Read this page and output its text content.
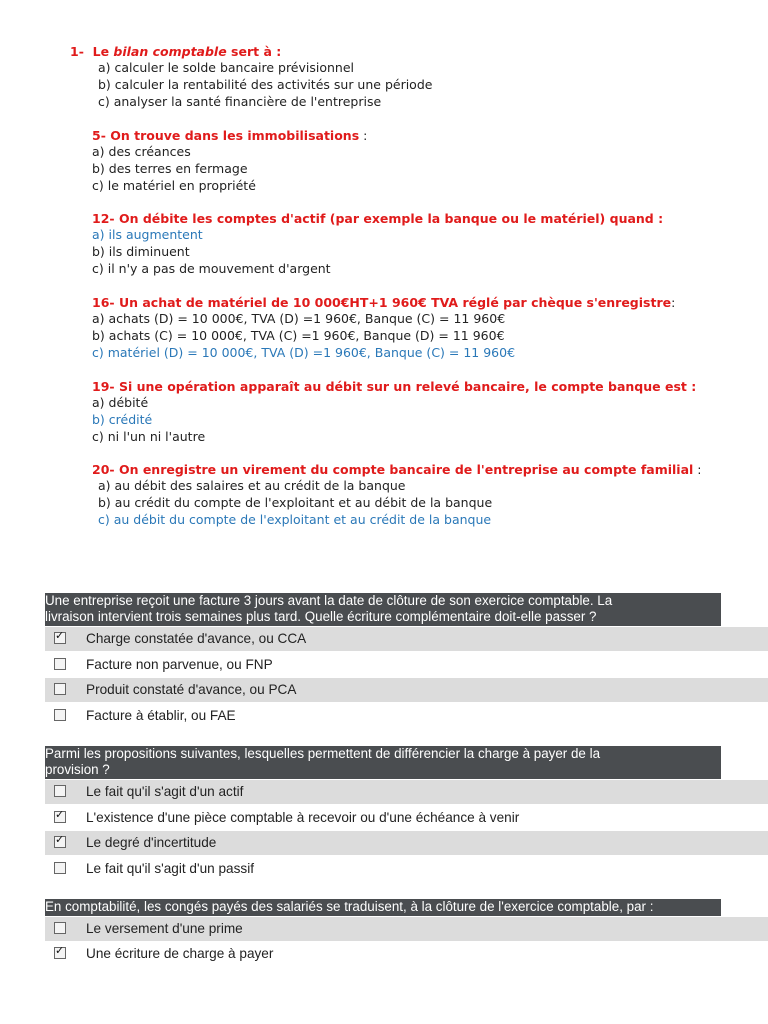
1- Le bilan comptable sert à :
a) calculer le solde bancaire prévisionnel
b) calculer la rentabilité des activités sur une période
c) analyser la santé financière de l'entreprise
5- On trouve dans les immobilisations :
a) des créances
b) des terres en fermage
c) le matériel en propriété
12- On débite les comptes d'actif (par exemple la banque ou le matériel) quand :
a) ils augmentent
b) ils diminuent
c) il n'y a pas de mouvement d'argent
16- Un achat de matériel de 10 000€HT+1 960€ TVA réglé par chèque s'enregistre:
a) achats (D) = 10 000€, TVA (D) =1 960€, Banque (C) = 11 960€
b) achats (C) = 10 000€, TVA (C) =1 960€, Banque (D) = 11 960€
c) matériel (D) = 10 000€, TVA (D) =1 960€, Banque (C) = 11 960€
19- Si une opération apparaît au débit sur un relevé bancaire, le compte banque est :
a) débité
b) crédité
c) ni l'un ni l'autre
20- On enregistre un virement du compte bancaire de l'entreprise au compte familial :
a) au débit des salaires et au crédit de la banque
b) au crédit du compte de l'exploitant et au débit de la banque
c) au débit du compte de l'exploitant et au crédit de la banque
Une entreprise reçoit une facture 3 jours avant la date de clôture de son exercice comptable. La
livraison intervient trois semaines plus tard. Quelle écriture complémentaire doit-elle passer ?
✓
Charge constatée d'avance, ou CCA
Facture non parvenue, ou FNP
Produit constaté d'avance, ou PCA
Facture à établir, ou FAE
Parmi les propositions suivantes, lesquelles permettent de différencier la charge à payer de la
provision ?
Le fait qu'il s'agit d'un actif
✓
L'existence d'une pièce comptable à recevoir ou d'une échéance à venir
✓
Le degré d'incertitude
Le fait qu'il s'agit d'un passif
En comptabilité, les congés payés des salariés se traduisent, à la clôture de l'exercice comptable, par :
Le versement d'une prime
✓
Une écriture de charge à payer
